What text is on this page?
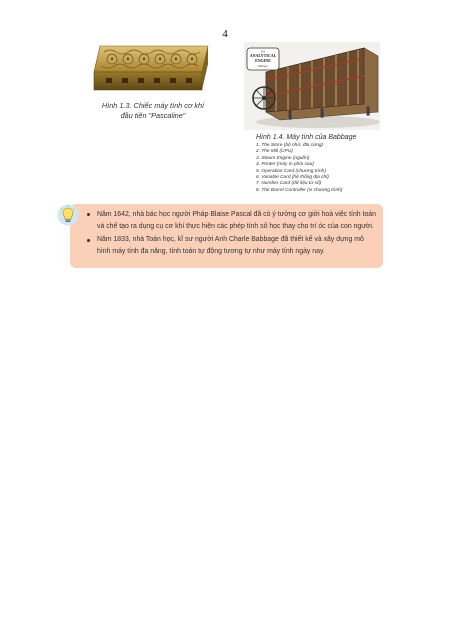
4
Hình 1.3. Chiếc máy tính cơ khí
đầu tiên "Pascaline"
The
ANALYTICAL
ENGINE
Babbage
Hình 1.4. Máy tính của Babbage
1. The Store (bộ nhớ, đĩa cứng)
2. The Mill (CPU)
3. Steam Engine (nguồn)
4. Printer (máy in phía sau)
5. Operation Card (chương trình)
6. Variable Card (hệ thống địa chỉ)
7. Number Card (dữ liệu từ số)
8. The Barrel Controller (vi chương trình)
Năm 1642, nhà bác học người Pháp Blaise Pascal đã có ý tưởng cơ giới hoá việc tính toán và chế tạo ra dụng cụ cơ khí thực hiện các phép tính số học thay cho trí óc của con người.
Năm 1833, nhà Toán học, kĩ sư người Anh Charle Babbage đã thiết kế và xây dựng mô hình máy tính đa năng, tính toán tự động tương tự như máy tính ngày nay.
